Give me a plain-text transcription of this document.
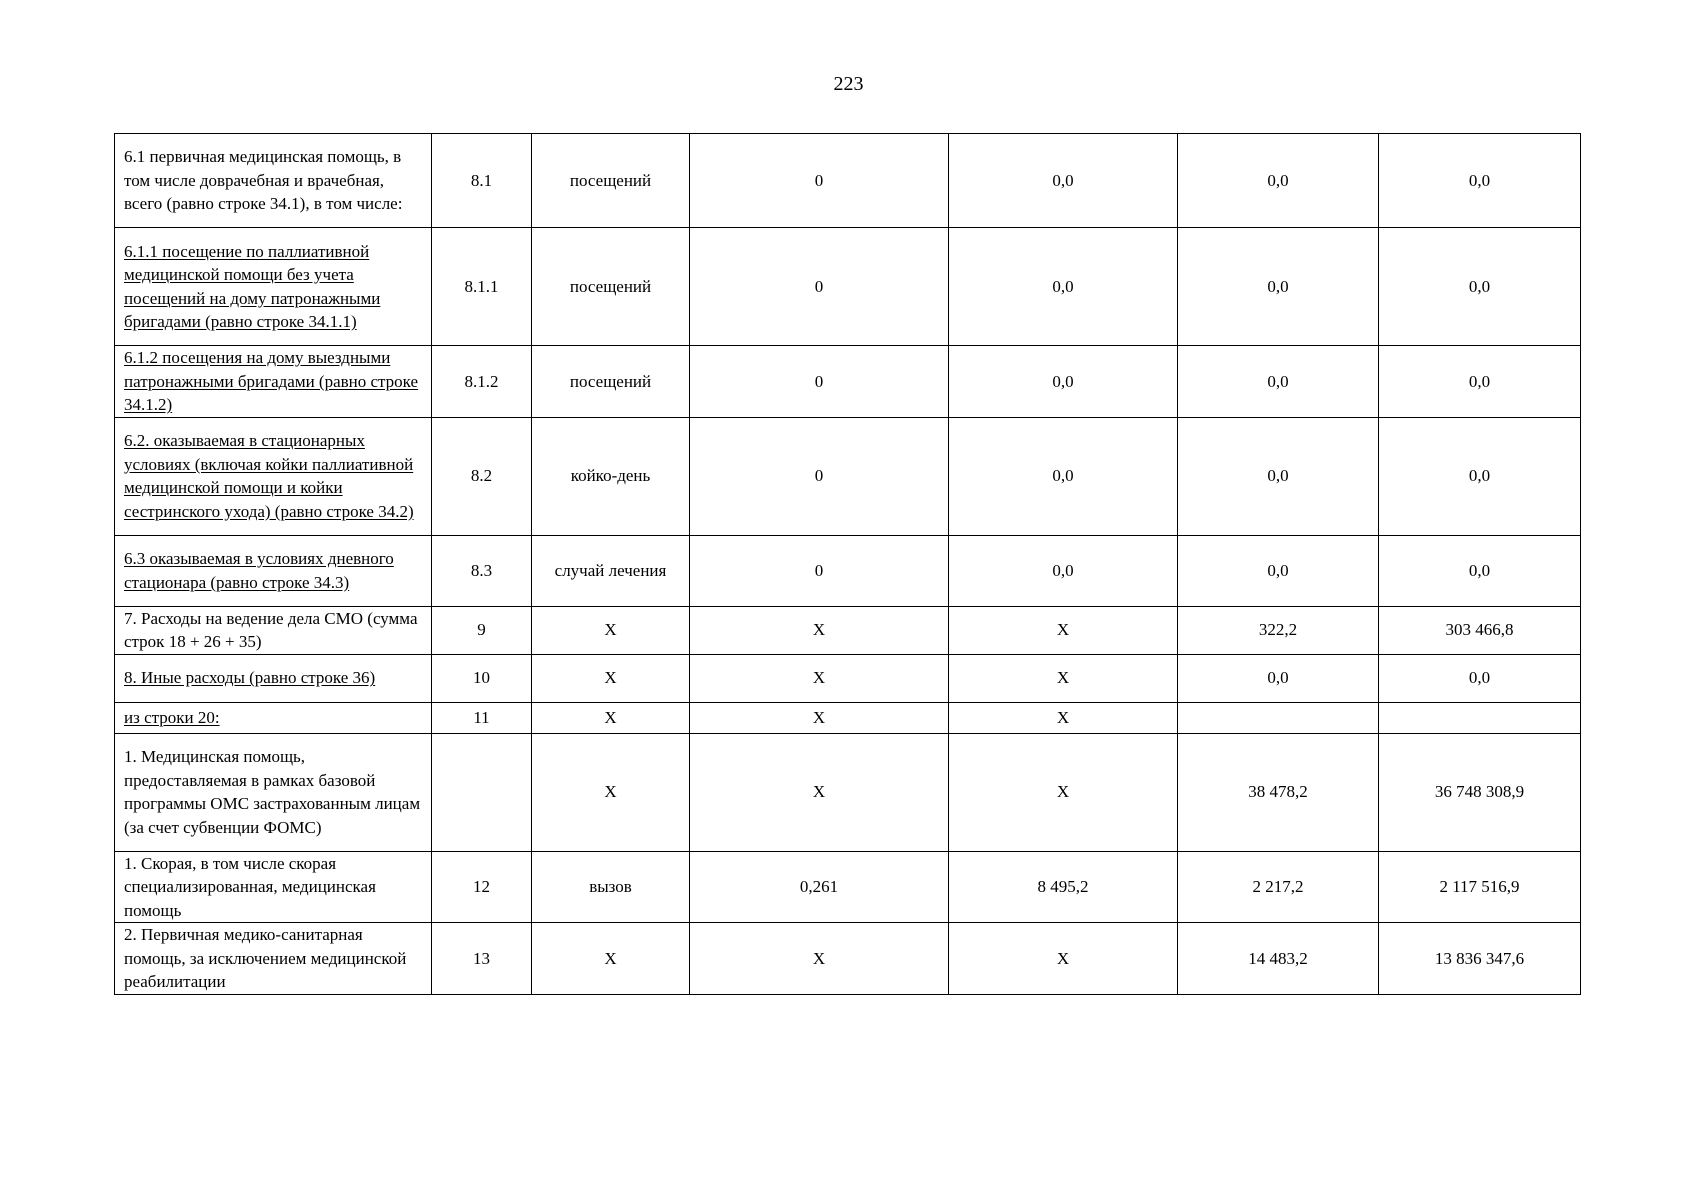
223
6.1 первичная медицинская помощь, в том числе доврачебная и врачебная, всего (равно строке 34.1), в том числе:	8.1	посещений	0	0,0	0,0	0,0
6.1.1 посещение по паллиативной медицинской помощи без учета посещений на дому патронажными бригадами (равно строке 34.1.1)	8.1.1	посещений	0	0,0	0,0	0,0
6.1.2 посещения на дому выездными патронажными бригадами (равно строке 34.1.2)	8.1.2	посещений	0	0,0	0,0	0,0
6.2. оказываемая в стационарных условиях (включая койки паллиативной медицинской помощи и койки сестринского ухода) (равно строке 34.2)	8.2	койко-день	0	0,0	0,0	0,0
6.3 оказываемая в условиях дневного стационара (равно строке 34.3)	8.3	случай лечения	0	0,0	0,0	0,0
7. Расходы на ведение дела СМО (сумма строк 18 + 26 + 35)	9	X	X	X	322,2	303 466,8
8. Иные расходы (равно строке 36)	10	X	X	X	0,0	0,0
из строки 20:	11	X	X	X		
1. Медицинская помощь, предоставляемая в рамках базовой программы ОМС застрахованным лицам (за счет субвенции ФОМС)		X	X	X	38 478,2	36 748 308,9
1. Скорая, в том числе скорая специализированная, медицинская помощь	12	вызов	0,261	8 495,2	2 217,2	2 117 516,9
2. Первичная медико-санитарная помощь, за исключением медицинской реабилитации	13	X	X	X	14 483,2	13 836 347,6
